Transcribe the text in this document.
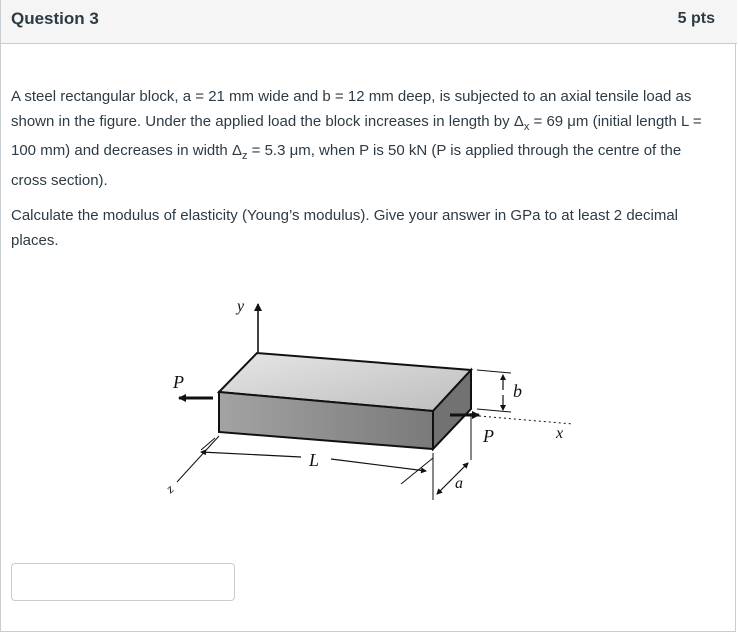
Question 3	5 pts

A steel rectangular block, a = 21 mm wide and b = 12 mm deep, is subjected to an axial tensile load as shown in the figure. Under the applied load the block increases in length by $\Delta_x = 69$ μm (initial length L = 100 mm) and decreases in width $\Delta_z = 5.3$ μm, when P is 50 kN (P is applied through the centre of the cross section).

Calculate the modulus of elasticity (Young’s modulus). Give your answer in GPa to at least 2 decimal places.

y
P
P	x
b
L
a
z
